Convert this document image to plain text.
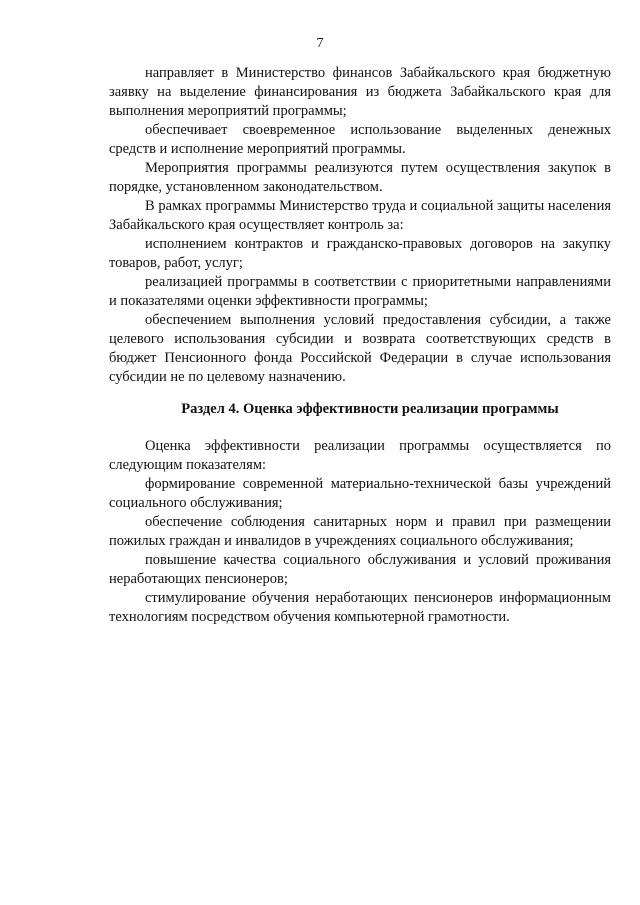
7

направляет в Министерство финансов Забайкальского края бюджетную заявку на выделение финансирования из бюджета Забайкальского края для выполнения мероприятий программы;

обеспечивает своевременное использование выделенных денежных средств и исполнение мероприятий программы.

Мероприятия программы реализуются путем осуществления закупок в порядке, установленном законодательством.

В рамках программы Министерство труда и социальной защиты населения Забайкальского края осуществляет контроль за:

исполнением контрактов и гражданско-правовых договоров на закупку товаров, работ, услуг;

реализацией программы в соответствии с приоритетными направлениями и показателями оценки эффективности программы;

обеспечением выполнения условий предоставления субсидии, а также целевого использования субсидии и возврата соответствующих средств в бюджет Пенсионного фонда Российской Федерации в случае использования субсидии не по целевому назначению.

Раздел 4. Оценка эффективности реализации программы

Оценка эффективности реализации программы осуществляется по следующим показателям:

формирование современной материально-технической базы учреждений социального обслуживания;

обеспечение соблюдения санитарных норм и правил при размещении пожилых граждан и инвалидов в учреждениях социального обслуживания;

повышение качества социального обслуживания и условий проживания неработающих пенсионеров;

стимулирование обучения неработающих пенсионеров информационным технологиям посредством обучения компьютерной грамотности.
